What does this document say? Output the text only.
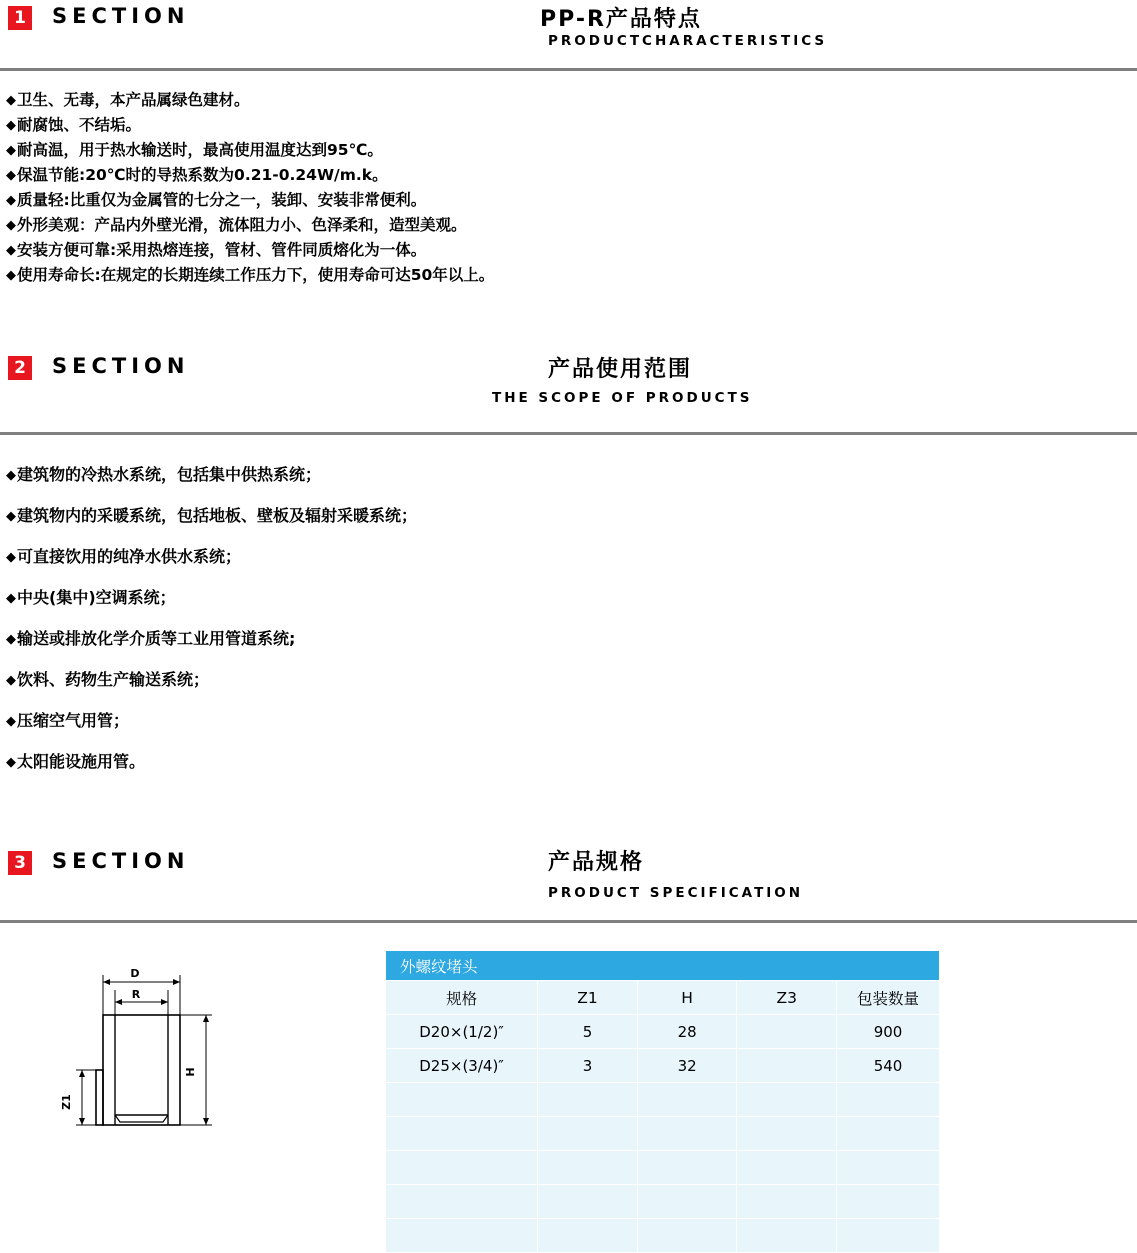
1 SECTION	PP-R产品特点
PRODUCTCHARACTERISTICS
◆卫生、无毒，本产品属绿色建材。
◆耐腐蚀、不结垢。
◆耐高温，用于热水输送时，最高使用温度达到95℃。
◆保温节能:20℃时的导热系数为0.21-0.24W/m.k。
◆质量轻:比重仅为金属管的七分之一，装卸、安装非常便利。
◆外形美观：产品内外壁光滑，流体阻力小、色泽柔和，造型美观。
◆安装方便可靠:采用热熔连接，管材、管件同质熔化为一体。
◆使用寿命长:在规定的长期连续工作压力下，使用寿命可达50年以上。
2 SECTION	产品使用范围
THE SCOPE OF PRODUCTS
◆建筑物的冷热水系统，包括集中供热系统；
◆建筑物内的采暖系统，包括地板、壁板及辐射采暖系统；
◆可直接饮用的纯净水供水系统；
◆中央(集中)空调系统；
◆输送或排放化学介质等工业用管道系统;
◆饮料、药物生产输送系统；
◆压缩空气用管；
◆太阳能设施用管。
3 SECTION	产品规格
PRODUCT SPECIFICATION
D
R
Z1
H
外螺纹堵头				
规格	Z1	H	Z3	包装数量
D20×(1/2)″	5	28		900
D25×(3/4)″	3	32		540
